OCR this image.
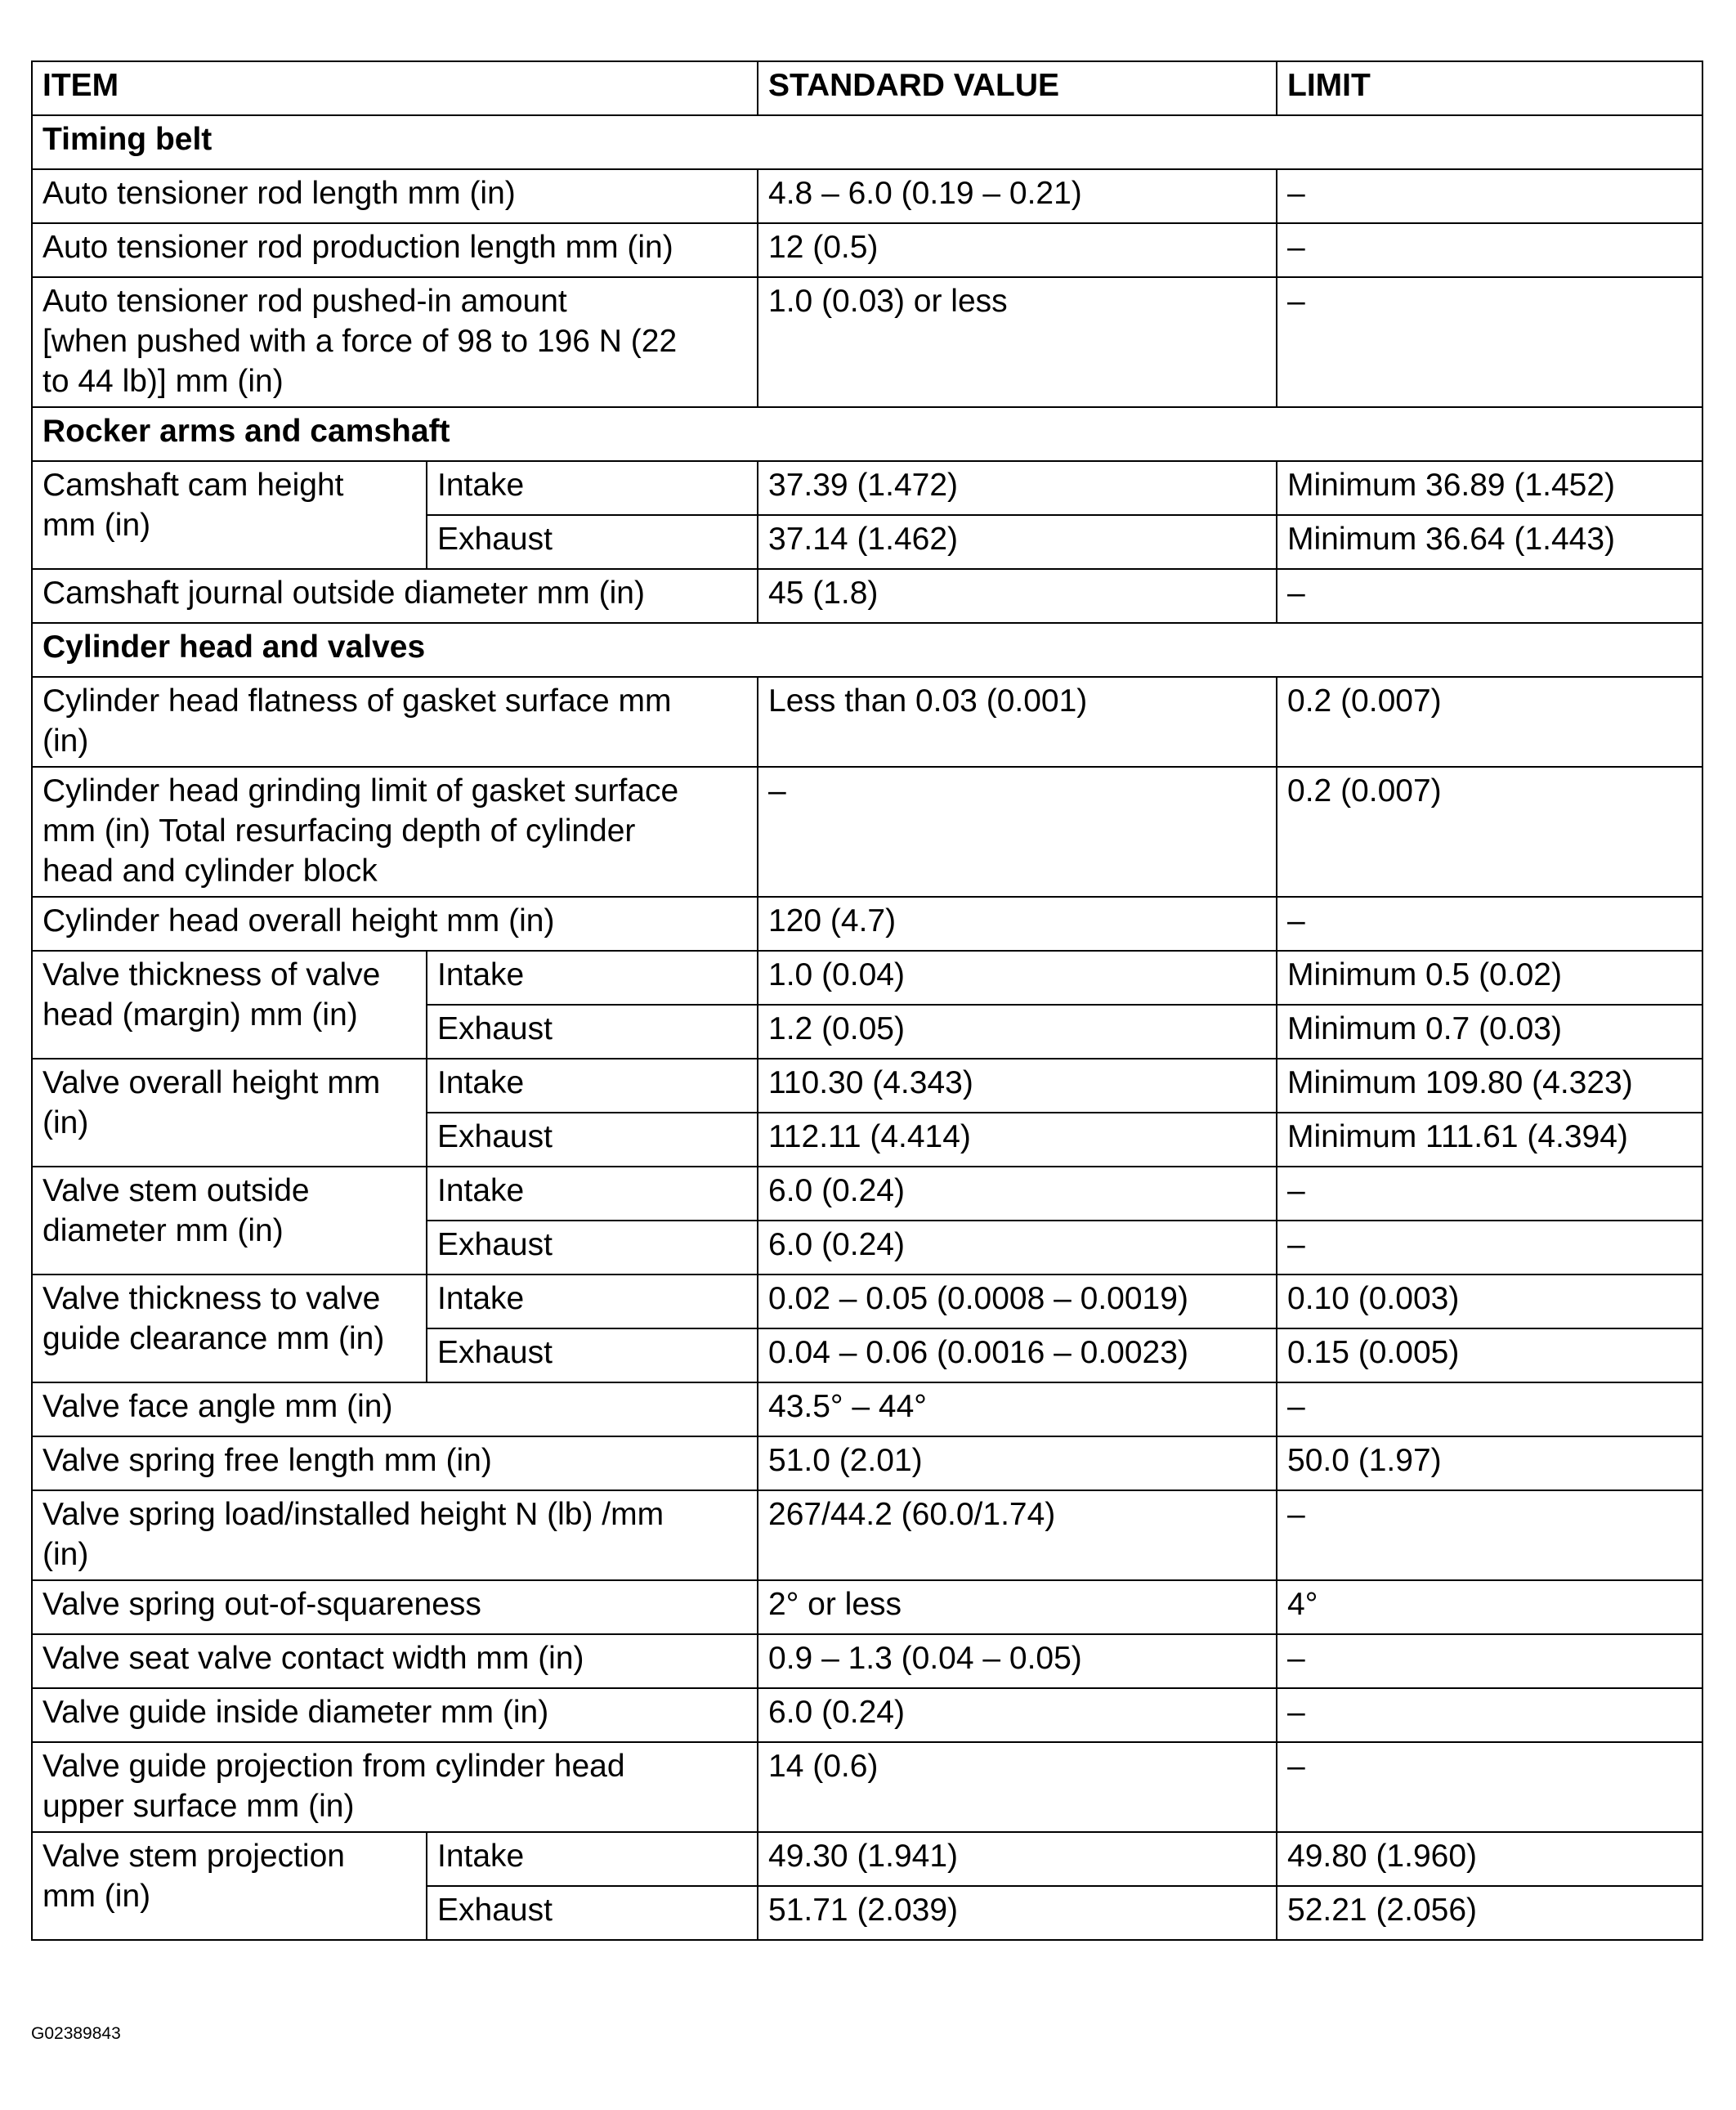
ITEM		STANDARD VALUE	LIMIT
Timing belt			
Auto tensioner rod length mm (in)		4.8 – 6.0 (0.19 – 0.21)	–
Auto tensioner rod production length mm (in)		12 (0.5)	–
Auto tensioner rod pushed-in amount
[when pushed with a force of 98 to 196 N (22
to 44 lb)] mm (in)		1.0 (0.03) or less	–
Rocker arms and camshaft			
Camshaft cam height
mm (in)	Intake	37.39 (1.472)	Minimum 36.89 (1.452)
	Exhaust	37.14 (1.462)	Minimum 36.64 (1.443)
Camshaft journal outside diameter mm (in)		45 (1.8)	–
Cylinder head and valves			
Cylinder head flatness of gasket surface mm
(in)		Less than 0.03 (0.001)	0.2 (0.007)
Cylinder head grinding limit of gasket surface
mm (in) Total resurfacing depth of cylinder
head and cylinder block		–	0.2 (0.007)
Cylinder head overall height mm (in)		120 (4.7)	–
Valve thickness of valve
head (margin) mm (in)	Intake	1.0 (0.04)	Minimum 0.5 (0.02)
	Exhaust	1.2 (0.05)	Minimum 0.7 (0.03)
Valve overall height mm
(in)	Intake	110.30 (4.343)	Minimum 109.80 (4.323)
	Exhaust	112.11 (4.414)	Minimum 111.61 (4.394)
Valve stem outside
diameter mm (in)	Intake	6.0 (0.24)	–
	Exhaust	6.0 (0.24)	–
Valve thickness to valve
guide clearance mm (in)	Intake	0.02 – 0.05 (0.0008 – 0.0019)	0.10 (0.003)
	Exhaust	0.04 – 0.06 (0.0016 – 0.0023)	0.15 (0.005)
Valve face angle mm (in)		43.5° – 44°	–
Valve spring free length mm (in)		51.0 (2.01)	50.0 (1.97)
Valve spring load/installed height N (lb) /mm
(in)		267/44.2 (60.0/1.74)	–
Valve spring out-of-squareness		2° or less	4°
Valve seat valve contact width mm (in)		0.9 – 1.3 (0.04 – 0.05)	–
Valve guide inside diameter mm (in)		6.0 (0.24)	–
Valve guide projection from cylinder head
upper surface mm (in)		14 (0.6)	–
Valve stem projection
mm (in)	Intake	49.30 (1.941)	49.80 (1.960)
	Exhaust	51.71 (2.039)	52.21 (2.056)
G02389843
